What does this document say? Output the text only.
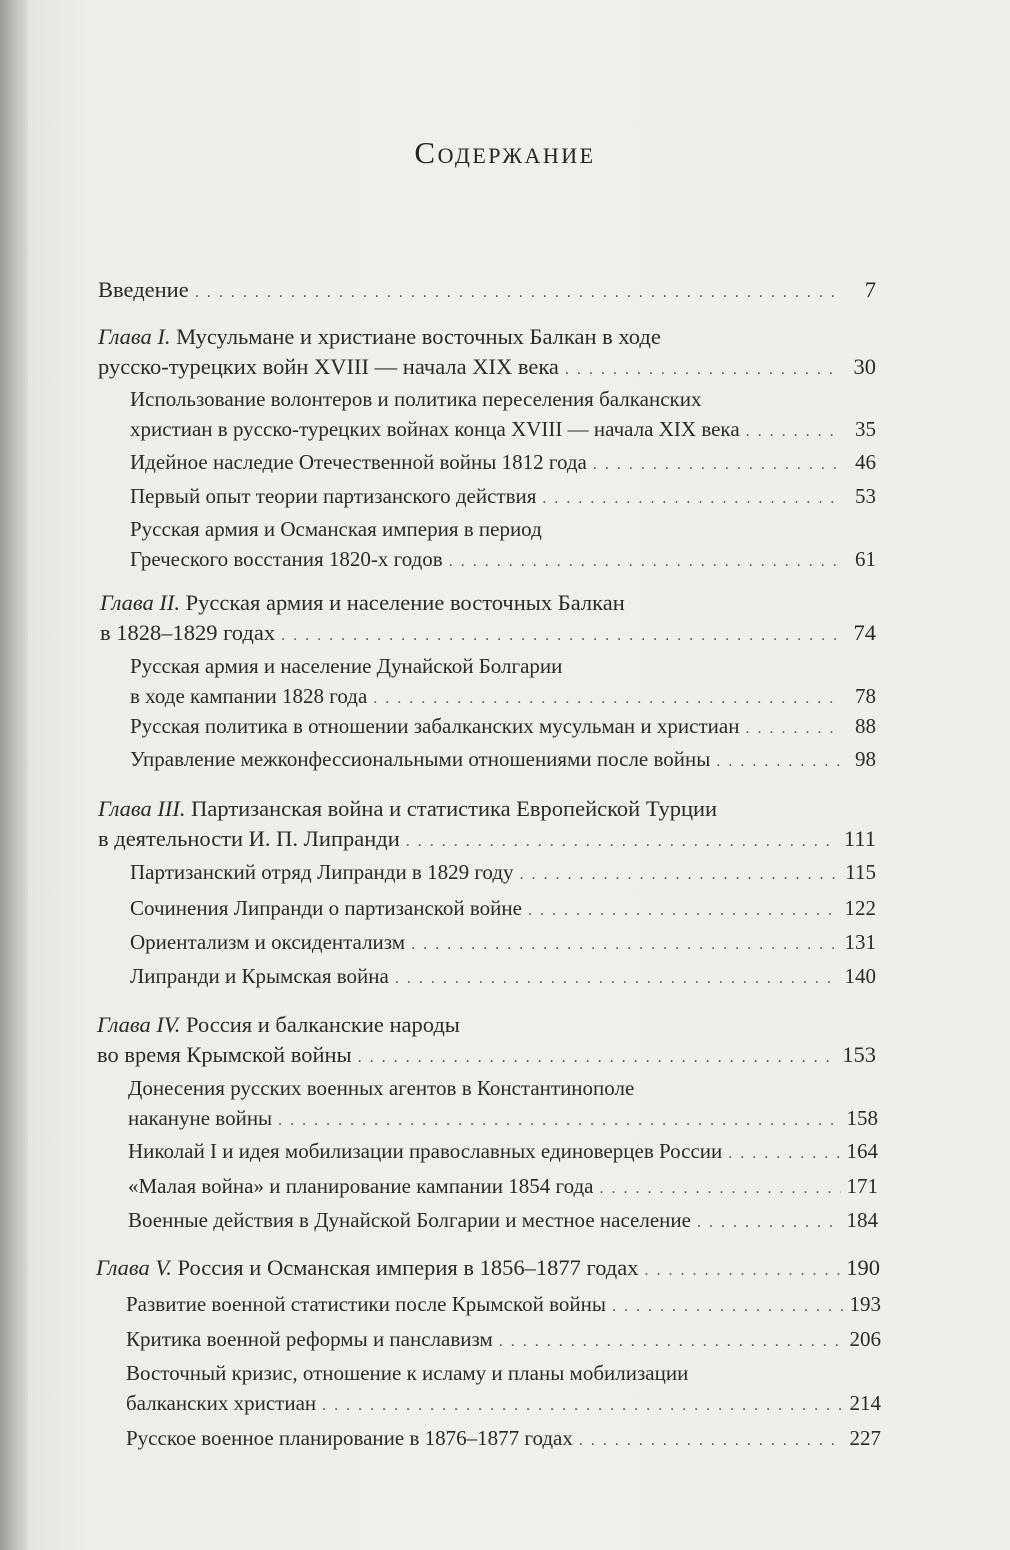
Содержание
Введение . . .	7
Глава I. Мусульмане и христиане восточных Балкан в ходе
русско-турецких войн XVIII — начала XIX века . . .	30
Использование волонтеров и политика переселения балканских
христиан в русско-турецких войнах конца XVIII — начала XIX века . . .	35
Идейное наследие Отечественной войны 1812 года . . .	46
Первый опыт теории партизанского действия . . .	53
Русская армия и Османская империя в период
Греческого восстания 1820-х годов . . .	61
Глава II. Русская армия и население восточных Балкан
в 1828–1829 годах . . .	74
Русская армия и население Дунайской Болгарии
в ходе кампании 1828 года . . .	78
Русская политика в отношении забалканских мусульман и христиан . . .	88
Управление межконфессиональными отношениями после войны . . .	98
Глава III. Партизанская война и статистика Европейской Турции
в деятельности И. П. Липранди . . .	111
Партизанский отряд Липранди в 1829 году . . .	115
Сочинения Липранди о партизанской войне . . .	122
Ориентализм и оксидентализм . . .	131
Липранди и Крымская война . . .	140
Глава IV. Россия и балканские народы
во время Крымской войны . . .	153
Донесения русских военных агентов в Константинополе
накануне войны . . .	158
Николай I и идея мобилизации православных единоверцев России . . .	164
«Малая война» и планирование кампании 1854 года . . .	171
Военные действия в Дунайской Болгарии и местное население . . .	184
Глава V. Россия и Османская империя в 1856–1877 годах . . .	190
Развитие военной статистики после Крымской войны . . .	193
Критика военной реформы и панславизм . . .	206
Восточный кризис, отношение к исламу и планы мобилизации
балканских христиан . . .	214
Русское военное планирование в 1876–1877 годах . . .	227
